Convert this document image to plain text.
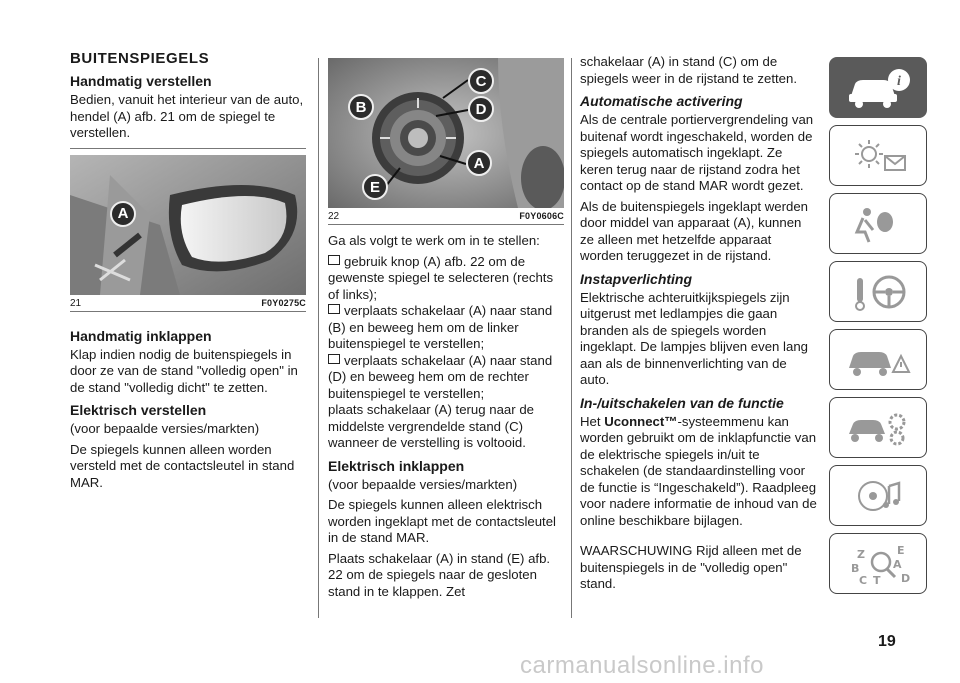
BUITENSPIEGELS
Handmatig verstellen

Bedien, vanuit het interieur van de auto, hendel (A) afb. 21 om de spiegel te verstellen.

A
21	F0Y0275C
Handmatig inklappen

Klap indien nodig de buitenspiegels in door ze van de stand "volledig open" in de stand "volledig dicht" te zetten.

Elektrisch verstellen

(voor bepaalde versies/markten)

De spiegels kunnen alleen worden versteld met de contactsleutel in stand MAR.

B
C
D
A
E
22	F0Y0606C

Ga als volgt te werk om in te stellen:

gebruik knop (A) afb. 22 om de gewenste spiegel te selecteren (rechts of links);
verplaats schakelaar (A) naar stand (B) en beweeg hem om de linker buitenspiegel te verstellen;
verplaats schakelaar (A) naar stand (D) en beweeg hem om de rechter buitenspiegel te verstellen;

plaats schakelaar (A) terug naar de middelste vergrendelde stand (C) wanneer de verstelling is voltooid.

Elektrisch inklappen

(voor bepaalde versies/markten)

De spiegels kunnen alleen elektrisch worden ingeklapt met de contactsleutel in de stand MAR.

Plaats schakelaar (A) in stand (E) afb. 22 om de spiegels naar de gesloten stand in te klappen. Zet

schakelaar (A) in stand (C) om de spiegels weer in de rijstand te zetten.

Automatische activering

Als de centrale portiervergrendeling van buitenaf wordt ingeschakeld, worden de spiegels automatisch ingeklapt. Ze keren terug naar de rijstand zodra het contact op de stand MAR wordt gezet.

Als de buitenspiegels ingeklapt werden door middel van apparaat (A), kunnen ze alleen met hetzelfde apparaat worden teruggezet in de rijstand.

Instapverlichting

Elektrische achteruitkijkspiegels zijn uitgerust met ledlampjes die gaan branden als de spiegels worden ingeklapt. De lampjes blijven even lang aan als de binnenverlichting van de auto.

In-/uitschakelen van de functie

Het Uconnect™-systeemmenu kan worden gebruikt om de inklapfunctie van de elektrische spiegels in/uit te schakelen (de standaardinstelling voor de functie is “Ingeschakeld”). Raadpleeg voor nadere informatie de inhoud van de online beschikbare bijlagen.

WAARSCHUWING Rijd alleen met de buitenspiegels in de "volledig open" stand.

i
Z	E
B	A
C T D
19
carmanualsonline.info
